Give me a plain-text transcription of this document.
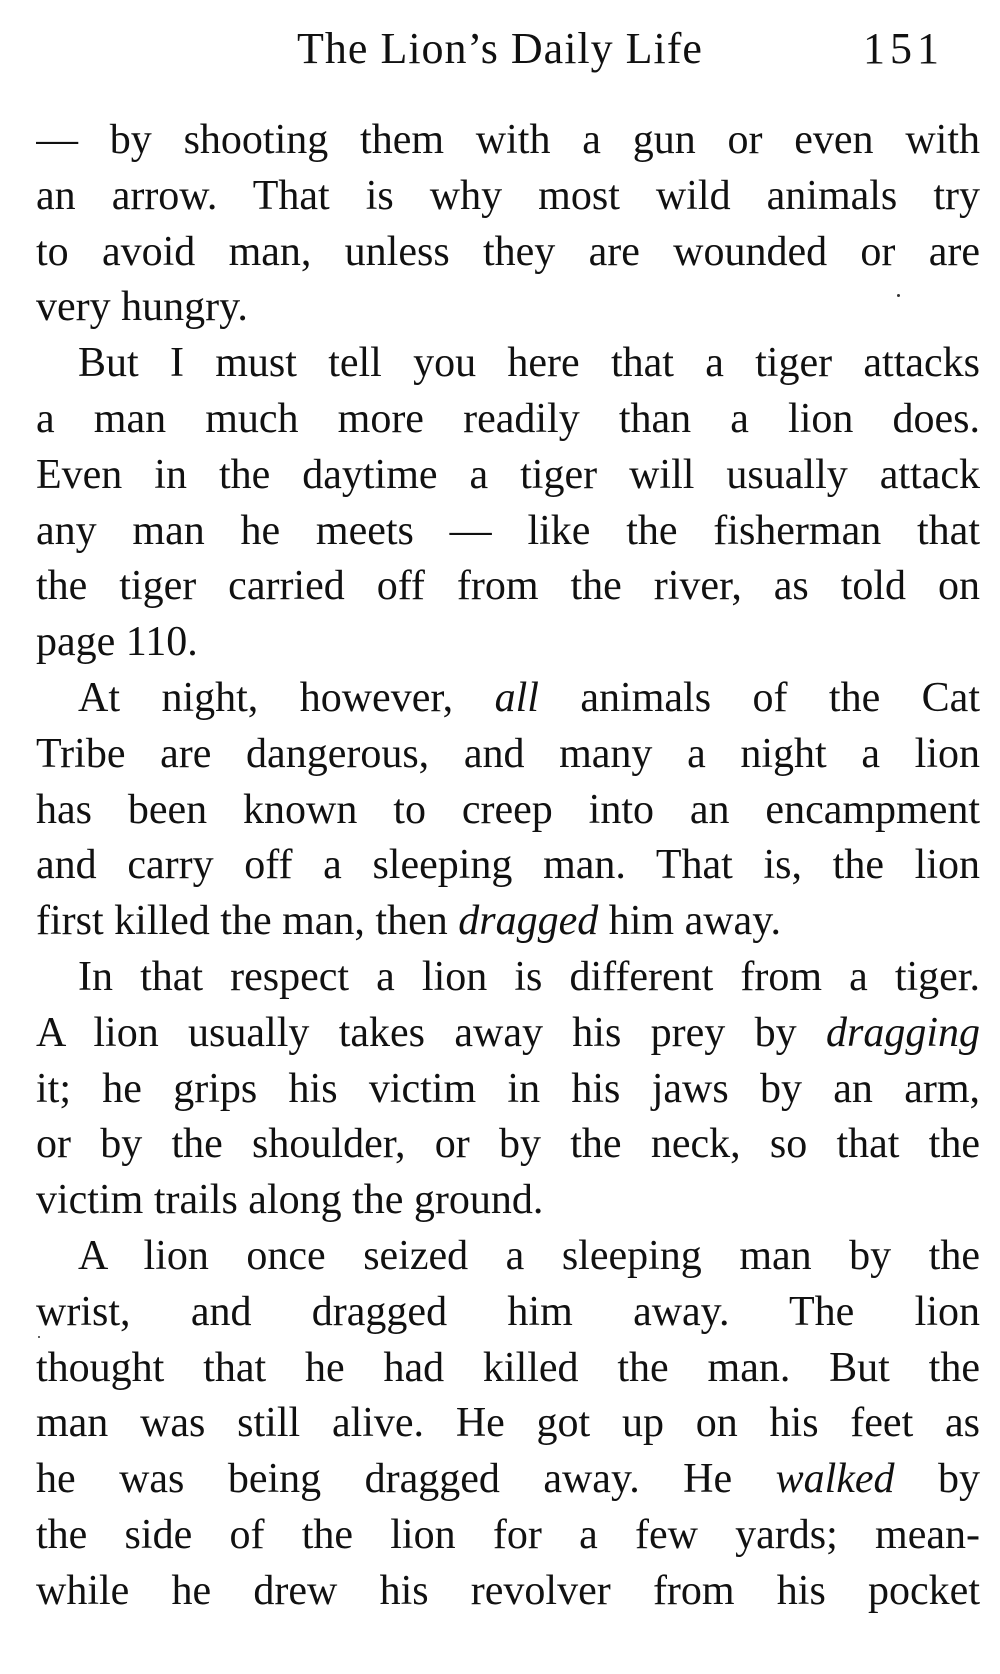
The Lion’s Daily Life	151
— by shooting them with a gun or even with
an arrow. That is why most wild animals try
to avoid man, unless they are wounded or are
very hungry.
But I must tell you here that a tiger attacks
a man much more readily than a lion does.
Even in the daytime a tiger will usually attack
any man he meets — like the fisherman that
the tiger carried off from the river, as told on
page 110.
At night, however, all animals of the Cat
Tribe are dangerous, and many a night a lion
has been known to creep into an encampment
and carry off a sleeping man. That is, the lion
first killed the man, then dragged him away.
In that respect a lion is different from a tiger.
A lion usually takes away his prey by dragging
it; he grips his victim in his jaws by an arm,
or by the shoulder, or by the neck, so that the
victim trails along the ground.
A lion once seized a sleeping man by the
wrist, and dragged him away. The lion
thought that he had killed the man. But the
man was still alive. He got up on his feet as
he was being dragged away. He walked by
the side of the lion for a few yards; mean-
while he drew his revolver from his pocket
